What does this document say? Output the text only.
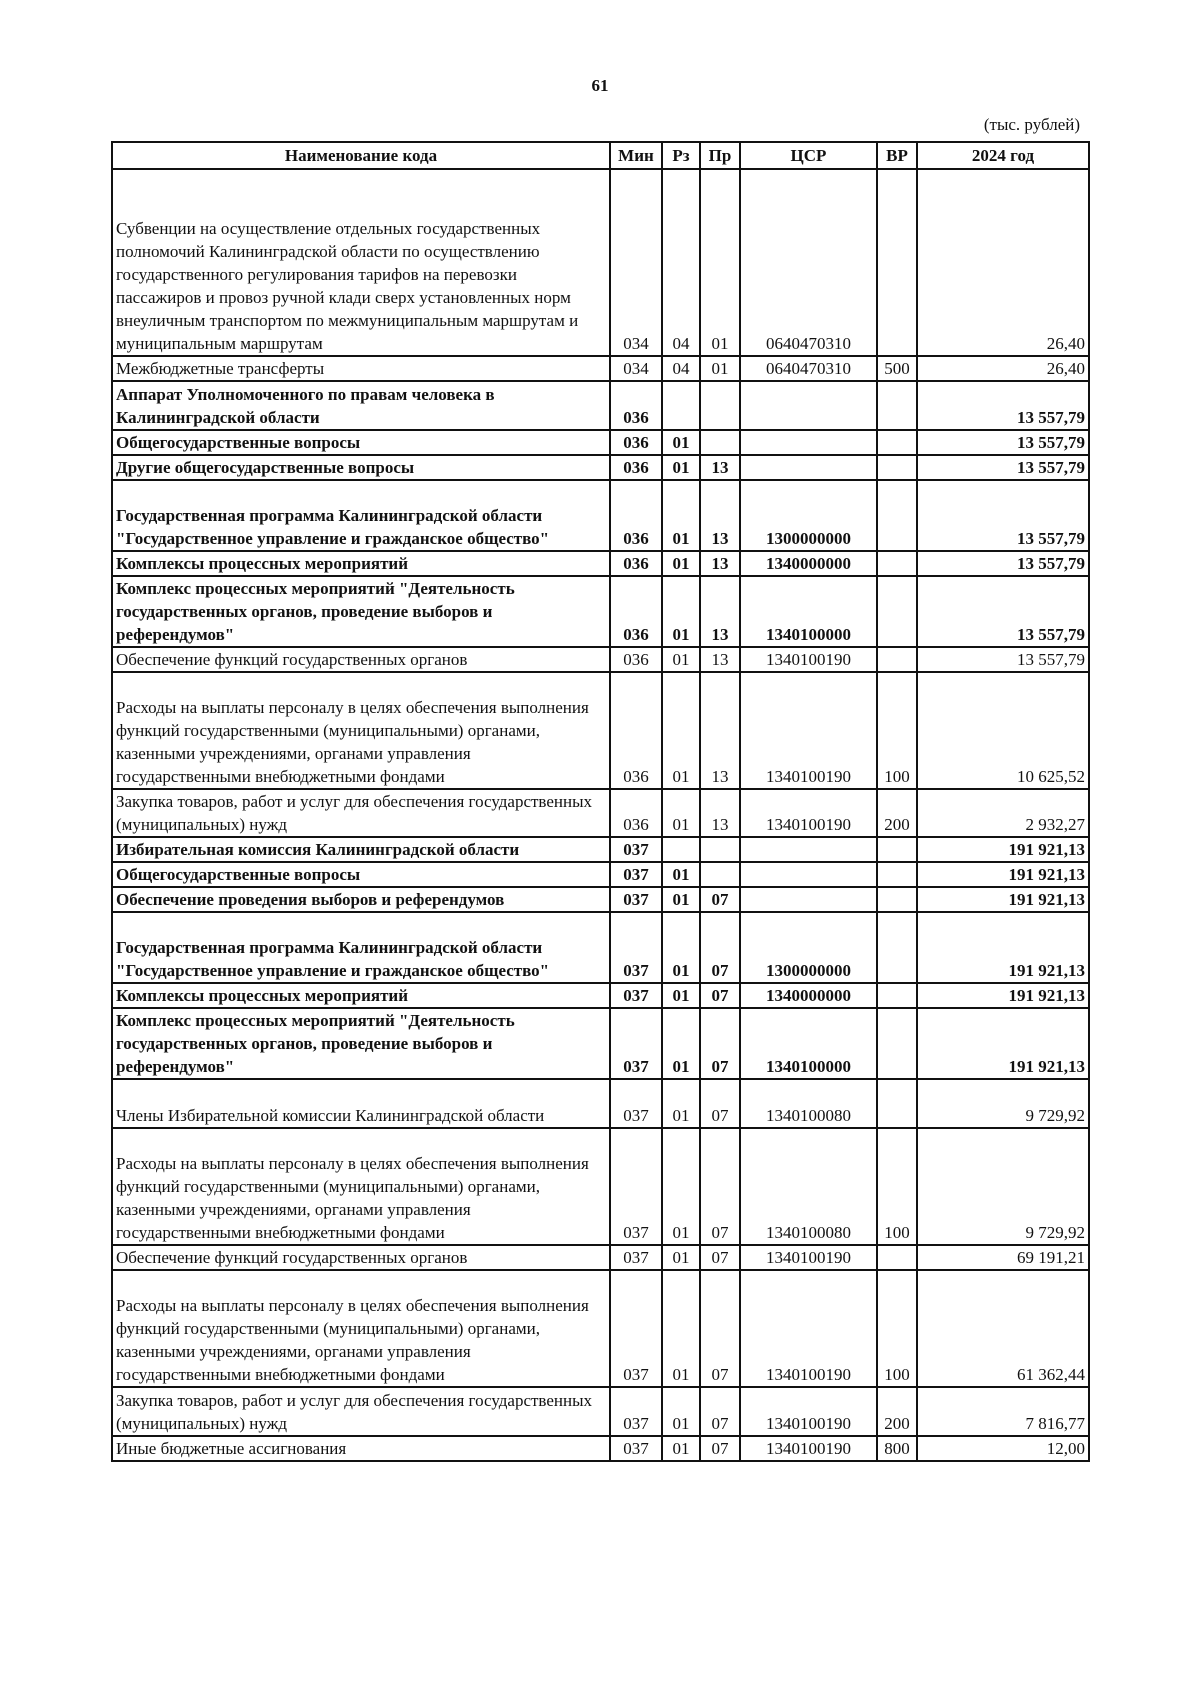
61
(тыс. рублей)
Наименование кода	Мин	Рз	Пр	ЦСР	ВР	2024 год
Субвенции на осуществление отдельных государственных полномочий Калининградской области по осуществлению государственного регулирования тарифов на перевозки пассажиров и провоз ручной клади сверх установленных норм внеуличным транспортом по межмуниципальным маршрутам и муниципальным маршрутам	034	04	01	0640470310		26,40
Межбюджетные трансферты	034	04	01	0640470310	500	26,40
Аппарат Уполномоченного по правам человека в Калининградской области	036					13 557,79
Общегосударственные вопросы	036	01				13 557,79
Другие общегосударственные вопросы	036	01	13			13 557,79
Государственная программа Калининградской области "Государственное управление и гражданское общество"	036	01	13	1300000000		13 557,79
Комплексы процессных мероприятий	036	01	13	1340000000		13 557,79
Комплекс процессных мероприятий "Деятельность государственных органов, проведение выборов и референдумов"	036	01	13	1340100000		13 557,79
Обеспечение функций государственных органов	036	01	13	1340100190		13 557,79
Расходы на выплаты персоналу в целях обеспечения выполнения функций государственными (муниципальными) органами, казенными учреждениями, органами управления государственными внебюджетными фондами	036	01	13	1340100190	100	10 625,52
Закупка товаров, работ и услуг для обеспечения государственных (муниципальных) нужд	036	01	13	1340100190	200	2 932,27
Избирательная комиссия Калининградской области	037					191 921,13
Общегосударственные вопросы	037	01				191 921,13
Обеспечение проведения выборов и референдумов	037	01	07			191 921,13
Государственная программа Калининградской области "Государственное управление и гражданское общество"	037	01	07	1300000000		191 921,13
Комплексы процессных мероприятий	037	01	07	1340000000		191 921,13
Комплекс процессных мероприятий "Деятельность государственных органов, проведение выборов и референдумов"	037	01	07	1340100000		191 921,13
Члены Избирательной комиссии Калининградской области	037	01	07	1340100080		9 729,92
Расходы на выплаты персоналу в целях обеспечения выполнения функций государственными (муниципальными) органами, казенными учреждениями, органами управления государственными внебюджетными фондами	037	01	07	1340100080	100	9 729,92
Обеспечение функций государственных органов	037	01	07	1340100190		69 191,21
Расходы на выплаты персоналу в целях обеспечения выполнения функций государственными (муниципальными) органами, казенными учреждениями, органами управления государственными внебюджетными фондами	037	01	07	1340100190	100	61 362,44
Закупка товаров, работ и услуг для обеспечения государственных (муниципальных) нужд	037	01	07	1340100190	200	7 816,77
Иные бюджетные ассигнования	037	01	07	1340100190	800	12,00
